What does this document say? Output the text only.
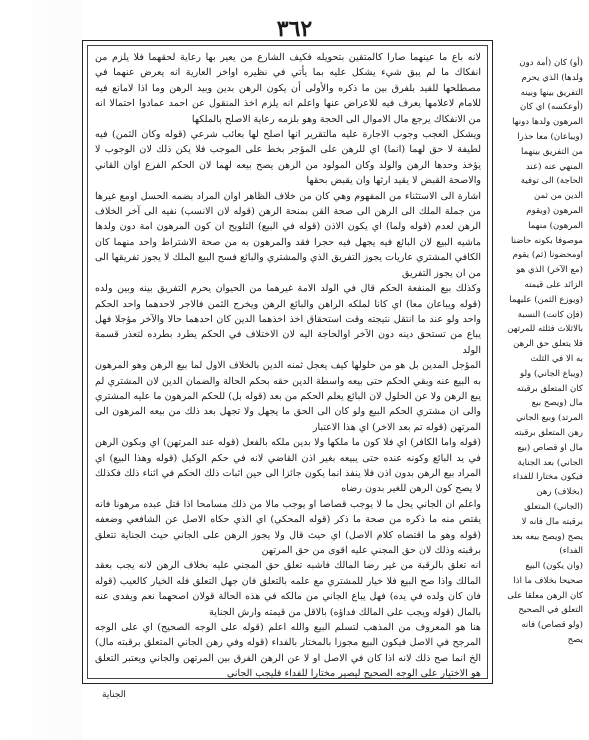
٣٦٢

لانه باع ما عينهما صارا كالمتقين بتحويله فكيف الشارع من يعير بها رعاية لحقهما فلا يلزم من انفكاك ما لم يبق شيء يشكل عليه بما يأتي في نظيره اواخر العارية انه يعرض عنهما في مصطلحها للفيد بلفرق بين ما ذكره والأولى أن يكون الرهن بدين وبيد الرهن وما اذا لامانع فيه للامام لاعلامها يعرف فيه للاعراض عنها واعلم انه يلزم اخذ المنقول عن احمد عمادوا احتمالا انه من الانفكاك يرجع مال الاموال الى الحجة وهو بلزمه رعاية الاصلح بالملكها

ويشكل العجب وجوب الاجارة عليه مالتقرير انها اصلح لها بعائب شرعي (قوله وكان الثمن) فيه لطيفة لا حق لهما (انما) اي للرهن على المؤجر بخط على الموجب فلا يكن ذلك لان الوجوب لا يؤخذ وحدها الرهن والولد وكان المولود من الرهن يصح بيعه لهما لان الحكم الفرع اوان القاني والاصحة القبض لا يقيد ارثها وان يقبض بحقها

اشارة الى الاستثناء من المفهوم وهي كان من خلاف الظاهر اوان المراد بضمه الحسل اومع غيرها من جملة الملك الى الرهن الى صحة القن بمنحة الرهن (قوله لان الانسب) نفيه الى آخر الخلاف الرهن لعدم (قوله ولما) اي يكون الاذن (قوله في البيع) التلويح ان كون المرهون امة دون ولدها ماشيه البيع لان البائع فيه يجهل فيه حجرا فقد والمرهون به من صحة الاشتراط واحد منهما كان الكافي المشتري عاريات يجوز التفريق الذي والمشتري والبائع فسح البيع الملك لا يجوز تفريقها الى من ان يجوز التفريق

وكذلك بيع المنفعة الحكم قال في الولد الامة غيرهما من الحيوان يحرم التفريق بينه وبين ولده (قوله ويباعان معا) اي كانا لملكه الراهن والبائع الرهن ويخرج الثمن فالاجر لاحدهما واحد الحكم واحد ولو عند ما انتقل نتيجته وقت استحقاق اخذ اخذهما الدين كان احدهما حالا والآخر مؤجلا فهل يباع من تستحق دينه دون الآخر اوالحاجة اليه لان الاختلاف في الحكم يطرد بطرده لتعذر قسمة الولد

المؤجل المدين بل هو من حلولها كيف يعجل ثمنه الدين بالخلاف الاول لما بيع الرهن وهو المرهون به البيع عنه وبقي الحكم حتى بيعه واسطة الدين حقه بحكم الحالة والضمان الدين لان المشتري لم يبع الرهن ولا عن الحلول لان البائع يعلم الحكم من بعد (قوله بل) للحكم المرهون ما عليه المشتري والى ان مشتري الحكم البيع ولو كان الى الحق ما يجهل ولا تجهل بعد ذلك من بيعه المرهون الى المرتهن (قوله تم بعد الاخر) اي هذا الاعتبار

(قوله واما الكافر) اي فلا كون ما ملكها ولا بدين ملكه بالفعل (قوله عند المرتهن) اي وبكون الرهن في يد البائع وكونه عنده حتى يبيعه بغير اذن القاضي لانه في حكم الوكيل (قوله وهذا البيع) اي المراد بيع الرهن بدون اذن فلا ينفذ انما يكون جائزا الى حين اثبات ذلك الحكم في اثناء ذلك فكذلك لا يصح كون الرهن للغير بدون رضاه

واعلم ان الجاني يحل ما لا يوجب قصاصا او يوجب مالا من ذلك مسامحا اذا قتل عبده مرهونا فانه يقتص منه ما ذكره من صحة ما ذكر (قوله المحكي) اي الذي حكاه الاصل عن الشافعي وضعفه (قوله وهو ما اقتضاه كلام الاصل) اي حيث قال ولا يجوز الرهن على الجاني حيث الجناية تتعلق برقبته وذلك لان حق المجني عليه اقوى من حق المرتهن

انه تعلق بالرقبة من غير رضا المالك فاشبه تعلق حق المجني عليه بخلاف الرهن لانه يجب بعقد المالك واذا صح البيع فلا خيار للمشتري مع علمه بالتعلق فان جهل التعلق فله الخيار كالعيب (قوله فان كان ولده في يده) فهل يباع الجاني من مالكه في هذه الحالة قولان اصحهما نعم ويفدى عنه بالمال (قوله ويجب على المالك فداؤه) بالاقل من قيمته وارش الجناية

هنا هو المعروف من المذهب لتسلم البيع والله اعلم (قوله على الوجه الصحيح) اي على الوجه المرجح في الاصل فيكون البيع مجوزا بالمختار بالفداء (قوله وفي رهن الجاني المتعلق برقبته مال) الخ انما صح ذلك لانه اذا كان في الاصل او لا عن الرهن الفرق بين المرتهن والجاني ويعتبر التعلق هو الاختيار على الوجه الصحيح ليصير مختارا للفداء فليجب الجاني

(أو) كان (أمة دون ولدها) الذي يحرم التفريق بينها وبينه (أوعكسه) اي كان المرهون ولدها دونها

(ويباعان) معا حذرا من التفريق بينهما المنهي عنه (عند الحاجة) الى توفية الدين من ثمن المرهون (ويقوم المرهون) منهما موصوفا بكونه حاضنا اومحضونا (ثم) يقوم (مع الآخر) الذي هو الزائد على قيمته (ويوزع الثمن) عليهما

(فإن كانت) النسبة بالاثلاث فثلثه للمرتهن فلا يتعلق حق الرهن به الا في الثلث

(ويباع الجاني) ولو كان المتعلق برقبته مال (ويصح بيع المرتد) وبيع الجاني رهن المتعلق برقبته مال او قصاص (بيع الجاني) بعد الجناية فيكون مختارا للفداء

(بخلاف) رهن (الجاني) المتعلق برقبته مال فانه لا يصح (ويصح بيعه بعد الفداء)

(وان يكون) البيع صحيحا بخلاف ما اذا كان الرهن معلقا على التعلق في الصحيح (ولو قصاص) فانه يصح

الجناية
